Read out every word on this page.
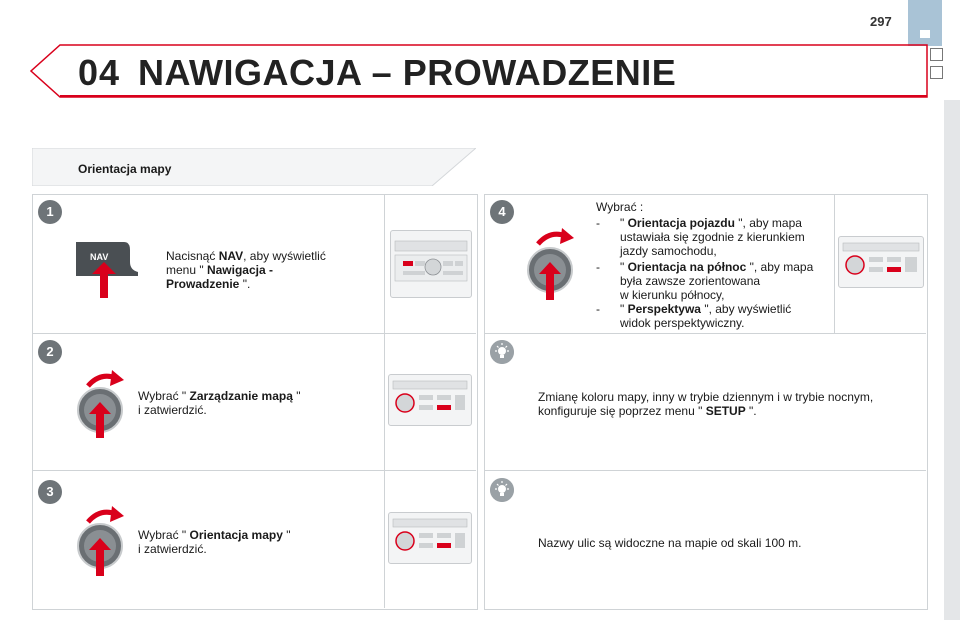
297
04 NAWIGACJA – PROWADZENIE
Orientacja mapy
1
NAV	Nacisnąć NAV, aby wyświetlić
menu " Nawigacja -
Prowadzenie ".
2
Wybrać " Zarządzanie mapą "
i zatwierdzić.
3
Wybrać " Orientacja mapy "
i zatwierdzić.
4	Wybrać :
- " Orientacja pojazdu ", aby mapa
ustawiała się zgodnie z kierunkiem
jazdy samochodu,
- " Orientacja na północ ", aby mapa
była zawsze zorientowana
w kierunku północy,
- " Perspektywa ", aby wyświetlić
widok perspektywiczny.
Zmianę koloru mapy, inny w trybie dziennym i w trybie nocnym,
konfiguruje się poprzez menu " SETUP ".
Nazwy ulic są widoczne na mapie od skali 100 m.
